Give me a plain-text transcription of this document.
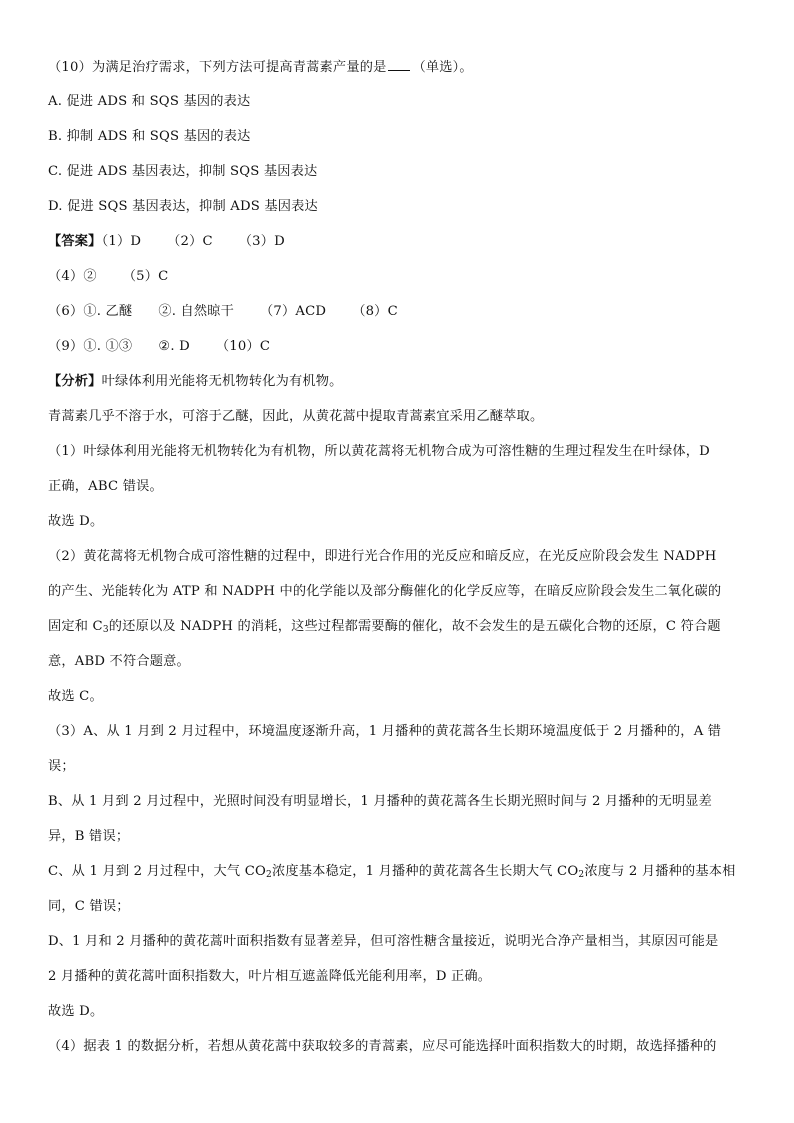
（10）为满足治疗需求，下列方法可提高青蒿素产量的是 （单选）。
A. 促进 ADS 和 SQS 基因的表达
B. 抑制 ADS 和 SQS 基因的表达
C. 促进 ADS 基因表达，抑制 SQS 基因表达
D. 促进 SQS 基因表达，抑制 ADS 基因表达
【答案】（1）D （2）C （3）D
（4）② （5）C
（6）①. 乙醚 ②. 自然晾干 （7）ACD （8）C
（9）①. ①③ ②. D （10）C
【分析】叶绿体利用光能将无机物转化为有机物。
青蒿素几乎不溶于水，可溶于乙醚，因此，从黄花蒿中提取青蒿素宜采用乙醚萃取。
（1）叶绿体利用光能将无机物转化为有机物，所以黄花蒿将无机物合成为可溶性糖的生理过程发生在叶绿体，D
正确，ABC 错误。
故选 D。
（2）黄花蒿将无机物合成可溶性糖的过程中，即进行光合作用的光反应和暗反应，在光反应阶段会发生 NADPH
的产生、光能转化为 ATP 和 NADPH 中的化学能以及部分酶催化的化学反应等，在暗反应阶段会发生二氧化碳的
固定和 $C_3$的还原以及 NADPH 的消耗，这些过程都需要酶的催化，故不会发生的是五碳化合物的还原，C 符合题
意，ABD 不符合题意。
故选 C。
（3）A、从 1 月到 2 月过程中，环境温度逐渐升高，1 月播种的黄花蒿各生长期环境温度低于 2 月播种的，A 错
误；
B、从 1 月到 2 月过程中，光照时间没有明显增长，1 月播种的黄花蒿各生长期光照时间与 2 月播种的无明显差
异，B 错误；
C、从 1 月到 2 月过程中，大气 $CO_2$浓度基本稳定，1 月播种的黄花蒿各生长期大气 $CO_2$浓度与 2 月播种的基本相
同，C 错误；
D、1 月和 2 月播种的黄花蒿叶面积指数有显著差异，但可溶性糖含量接近，说明光合净产量相当，其原因可能是
2 月播种的黄花蒿叶面积指数大，叶片相互遮盖降低光能利用率，D 正确。
故选 D。
（4）据表 1 的数据分析，若想从黄花蒿中获取较多的青蒿素，应尽可能选择叶面积指数大的时期，故选择播种的
